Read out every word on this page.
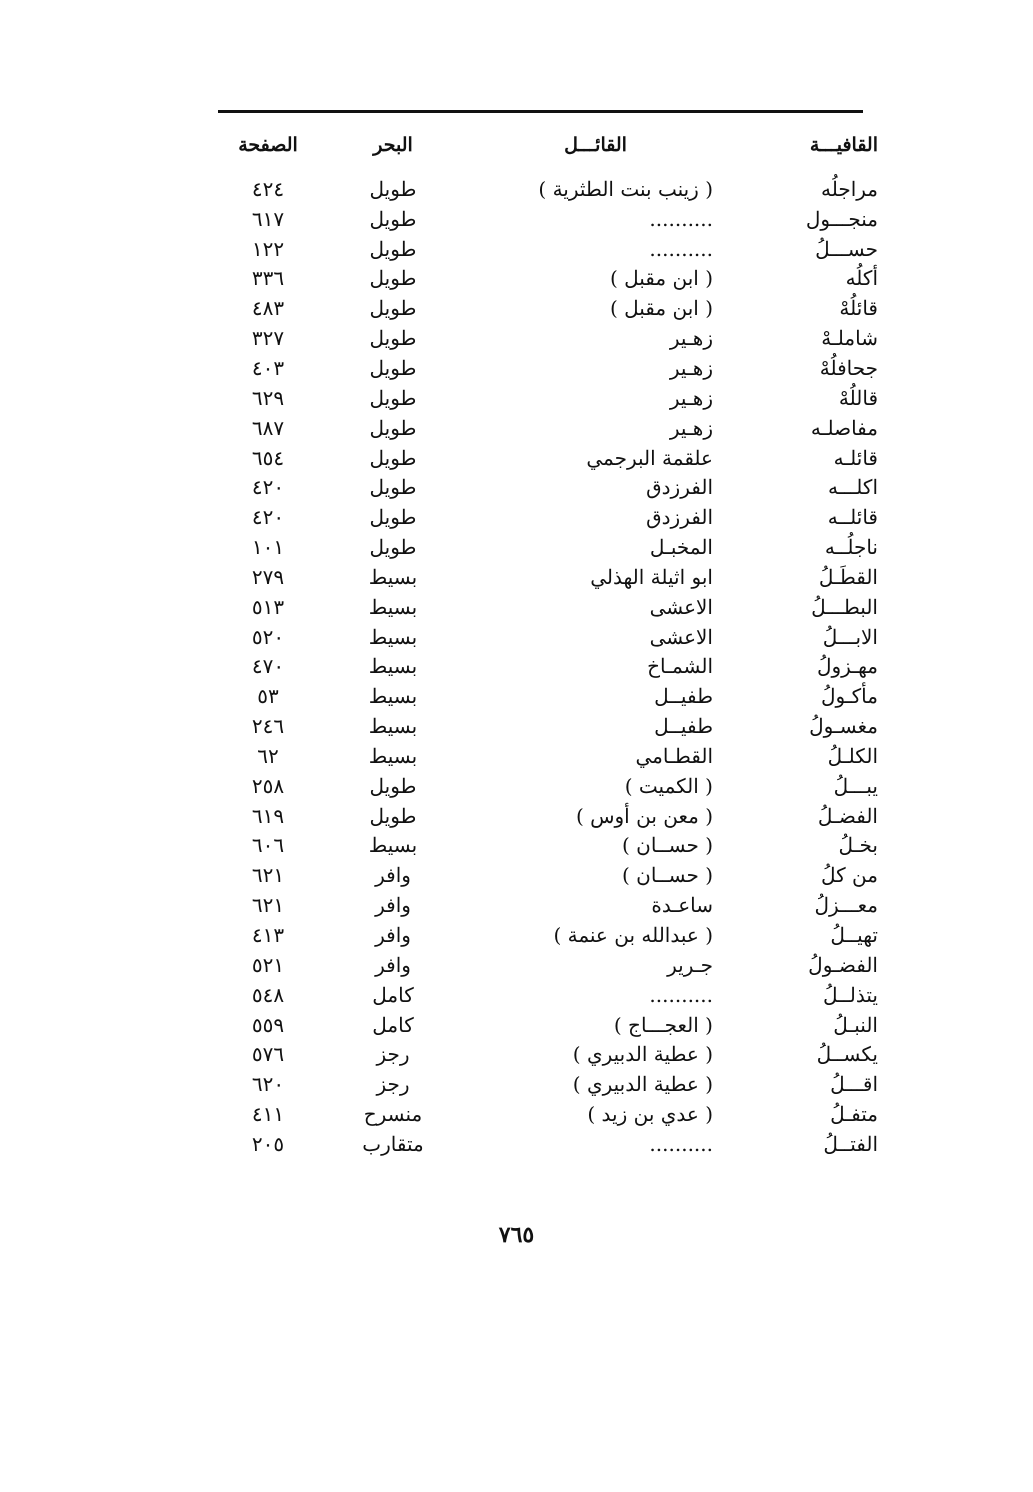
القافيـــة
القائـــل
البحر
الصفحة
مراجلُه
( زينب بنت الطثرية )
طويل
٤٢٤
منجـــول
..........
طويل
٦١٧
حســـلُ
..........
طويل
١٢٢
أكلُه
( ابن مقبل )
طويل
٣٣٦
قائلُهْ
( ابن مقبل )
طويل
٤٨٣
شاملـهْ
زهـير
طويل
٣٢٧
جحافلُهْ
زهـير
طويل
٤٠٣
قاللُهْ
زهـير
طويل
٦٢٩
مفاصلـه
زهـير
طويل
٦٨٧
قائلـه
علقمة البرجمي
طويل
٦٥٤
اكلـــه
الفرزدق
طويل
٤٢٠
قائلــه
الفرزدق
طويل
٤٢٠
ناجلُــه
المخبـل
طويل
١٠١
القطَـلُ
ابو اثيلة الهذلي
بسيط
٢٧٩
البطـــلُ
الاعشى
بسيط
٥١٣
الابـــلُ
الاعشى
بسيط
٥٢٠
مهـزولُ
الشمـاخ
بسيط
٤٧٠
مأكـولُ
طفيــل
بسيط
٥٣
مغسـولُ
طفيــل
بسيط
٢٤٦
الكلـلُ
القطـامي
بسيط
٦٢
يبـــلُ
( الكميت )
طويل
٢٥٨
الفضـلُ
( معن بن أوس )
طويل
٦١٩
بخـلُ
( حســان )
بسيط
٦٠٦
من كلُ
( حســان )
وافر
٦٢١
معـــزلُ
ساعـدة
وافر
٦٢١
تهيــلُ
( عبدالله بن عنمة )
وافر
٤١٣
الفضـولُ
جـرير
وافر
٥٢١
يتذلــلُ
..........
كامل
٥٤٨
النبـلُ
( العجـــاج )
كامل
٥٥٩
يكســلُ
( عطية الدبيري )
رجز
٥٧٦
اقـــلُ
( عطية الدبيري )
رجز
٦٢٠
متفـلُ
( عدي بن زيد )
منسرح
٤١١
الفتــلُ
..........
متقارب
٢٠٥
٧٦٥
